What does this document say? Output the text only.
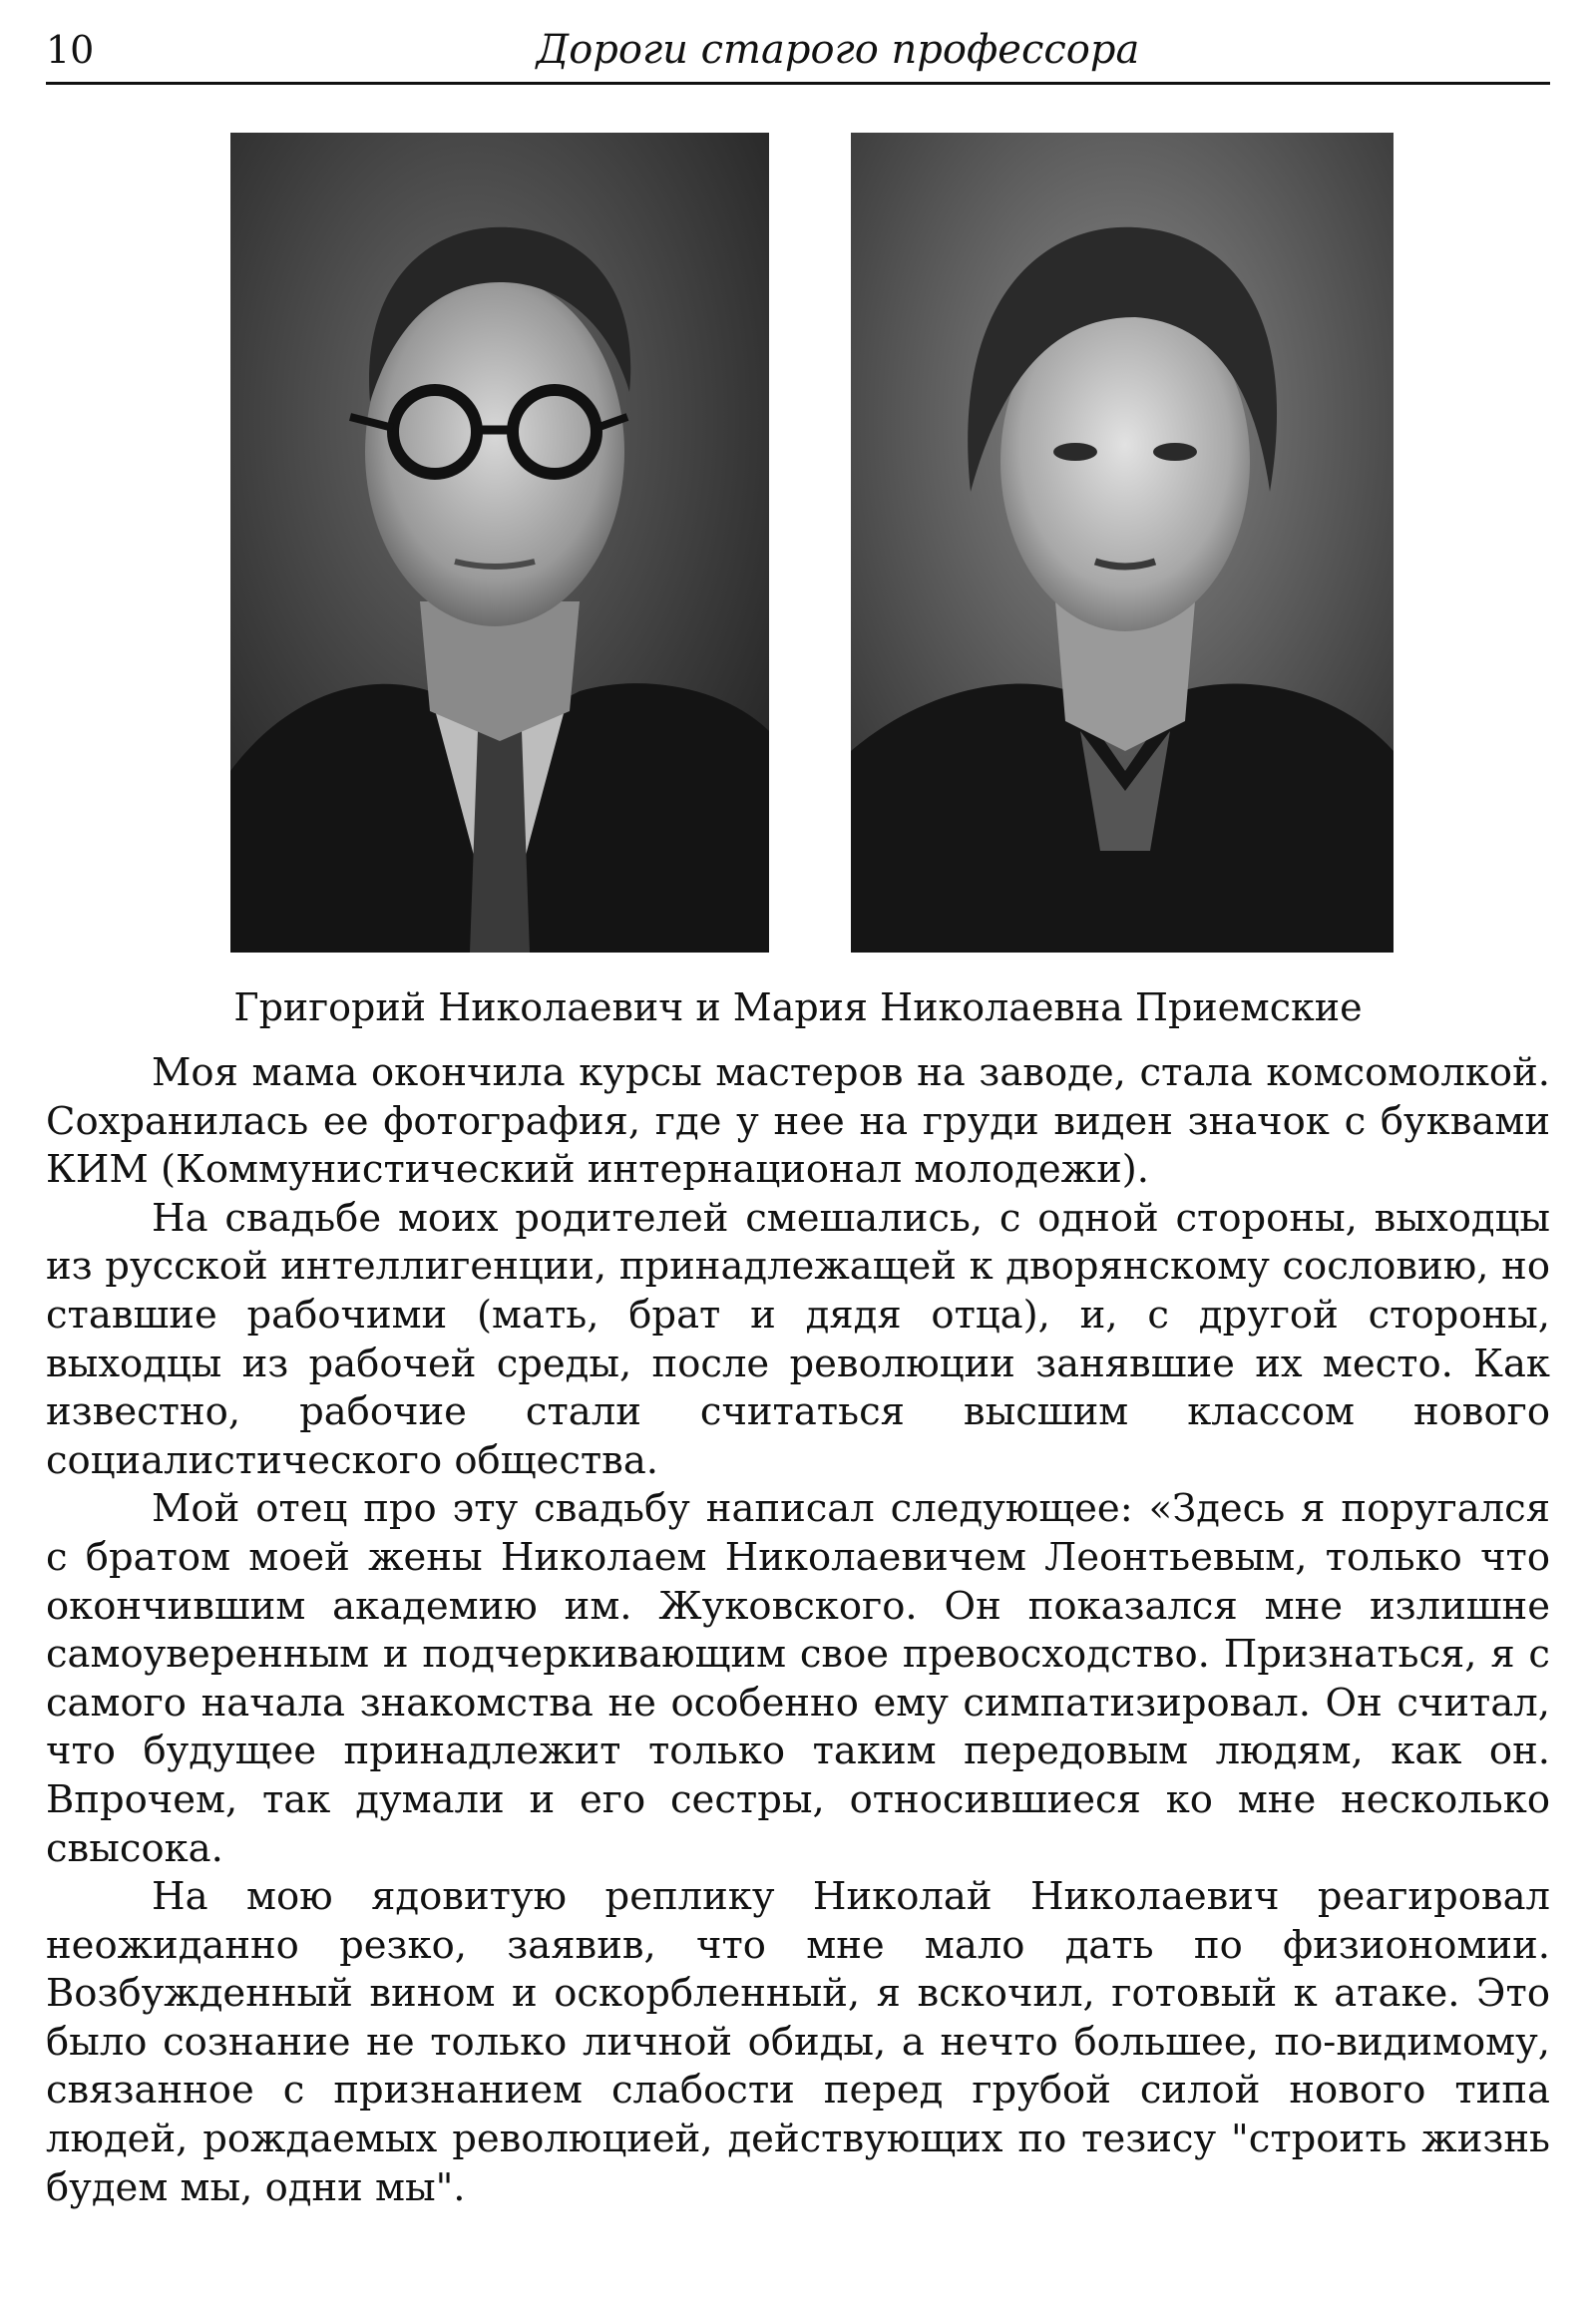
10	Дороги старого профессора
Григорий Николаевич и Мария Николаевна Приемские

Моя мама окончила курсы мастеров на заводе, стала комсомолкой. Сохранилась ее фотография, где у нее на груди виден значок с буквами КИМ (Коммунистический интернационал молодежи).

На свадьбе моих родителей смешались, с одной стороны, выходцы из русской интеллигенции, принадлежащей к дворянскому сословию, но ставшие рабочими (мать, брат и дядя отца), и, с другой стороны, выходцы из рабочей среды, после революции занявшие их место. Как известно, рабочие стали считаться высшим классом нового социалистического общества.

Мой отец про эту свадьбу написал следующее: «Здесь я поругался с братом моей жены Николаем Николаевичем Леонтьевым, только что окончившим академию им. Жуковского. Он показался мне излишне самоуверенным и подчеркивающим свое превосходство. Признаться, я с самого начала знакомства не особенно ему симпатизировал. Он считал, что будущее принадлежит только таким передовым людям, как он. Впрочем, так думали и его сестры, относившиеся ко мне несколько свысока.

На мою ядовитую реплику Николай Николаевич реагировал неожиданно резко, заявив, что мне мало дать по физиономии. Возбужденный вином и оскорбленный, я вскочил, готовый к атаке. Это было сознание не только личной обиды, а нечто большее, по-видимому, связанное с признанием слабости перед грубой силой нового типа людей, рождаемых революцией, действующих по тезису "строить жизнь будем мы, одни мы".
